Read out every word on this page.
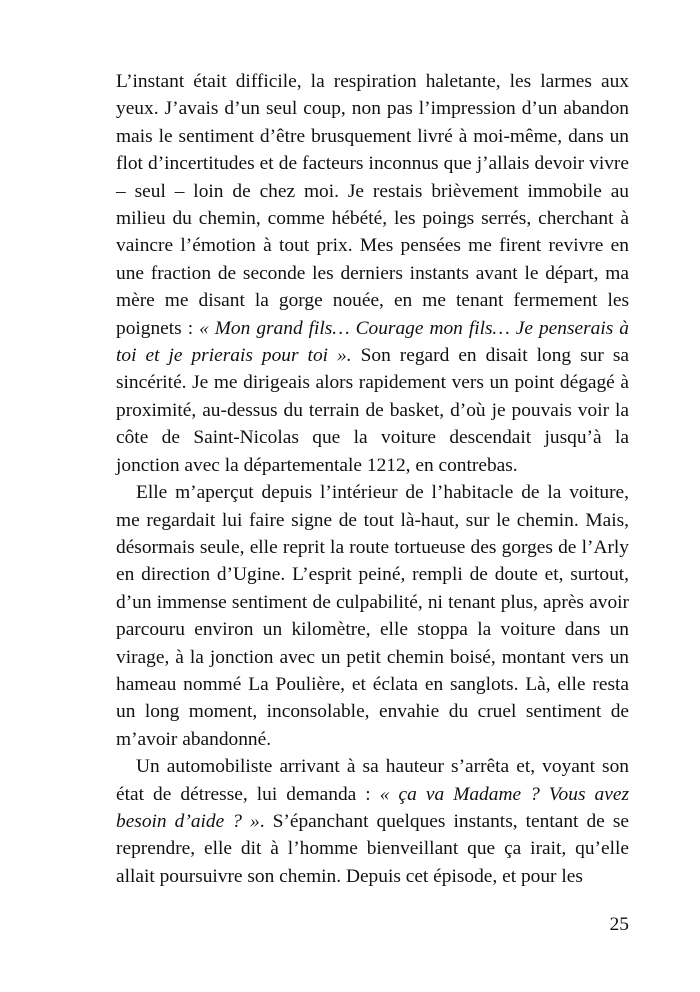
L’instant était difficile, la respiration haletante, les larmes aux yeux. J’avais d’un seul coup, non pas l’impression d’un abandon mais le sentiment d’être brusquement livré à moi-même, dans un flot d’incertitudes et de facteurs inconnus que j’allais devoir vivre – seul – loin de chez moi. Je restais brièvement immobile au milieu du chemin, comme hébété, les poings serrés, cherchant à vaincre l’émotion à tout prix. Mes pensées me firent revivre en une fraction de seconde les derniers instants avant le départ, ma mère me disant la gorge nouée, en me tenant fermement les poignets : « Mon grand fils… Courage mon fils… Je penserais à toi et je prierais pour toi ». Son regard en disait long sur sa sincérité. Je me dirigeais alors rapidement vers un point dégagé à proximité, au-dessus du terrain de basket, d’où je pouvais voir la côte de Saint-Nicolas que la voiture descendait jusqu’à la jonction avec la départementale 1212, en contrebas.

Elle m’aperçut depuis l’intérieur de l’habitacle de la voiture, me regardait lui faire signe de tout là-haut, sur le chemin. Mais, désormais seule, elle reprit la route tortueuse des gorges de l’Arly en direction d’Ugine. L’esprit peiné, rempli de doute et, surtout, d’un immense sentiment de culpabilité, ni tenant plus, après avoir parcouru environ un kilomètre, elle stoppa la voiture dans un virage, à la jonction avec un petit chemin boisé, montant vers un hameau nommé La Poulière, et éclata en sanglots. Là, elle resta un long moment, inconsolable, envahie du cruel sentiment de m’avoir abandonné.

Un automobiliste arrivant à sa hauteur s’arrêta et, voyant son état de détresse, lui demanda : « ça va Madame ? Vous avez besoin d’aide ? ». S’épanchant quelques instants, tentant de se reprendre, elle dit à l’homme bienveillant que ça irait, qu’elle allait poursuivre son chemin. Depuis cet épisode, et pour les

25
